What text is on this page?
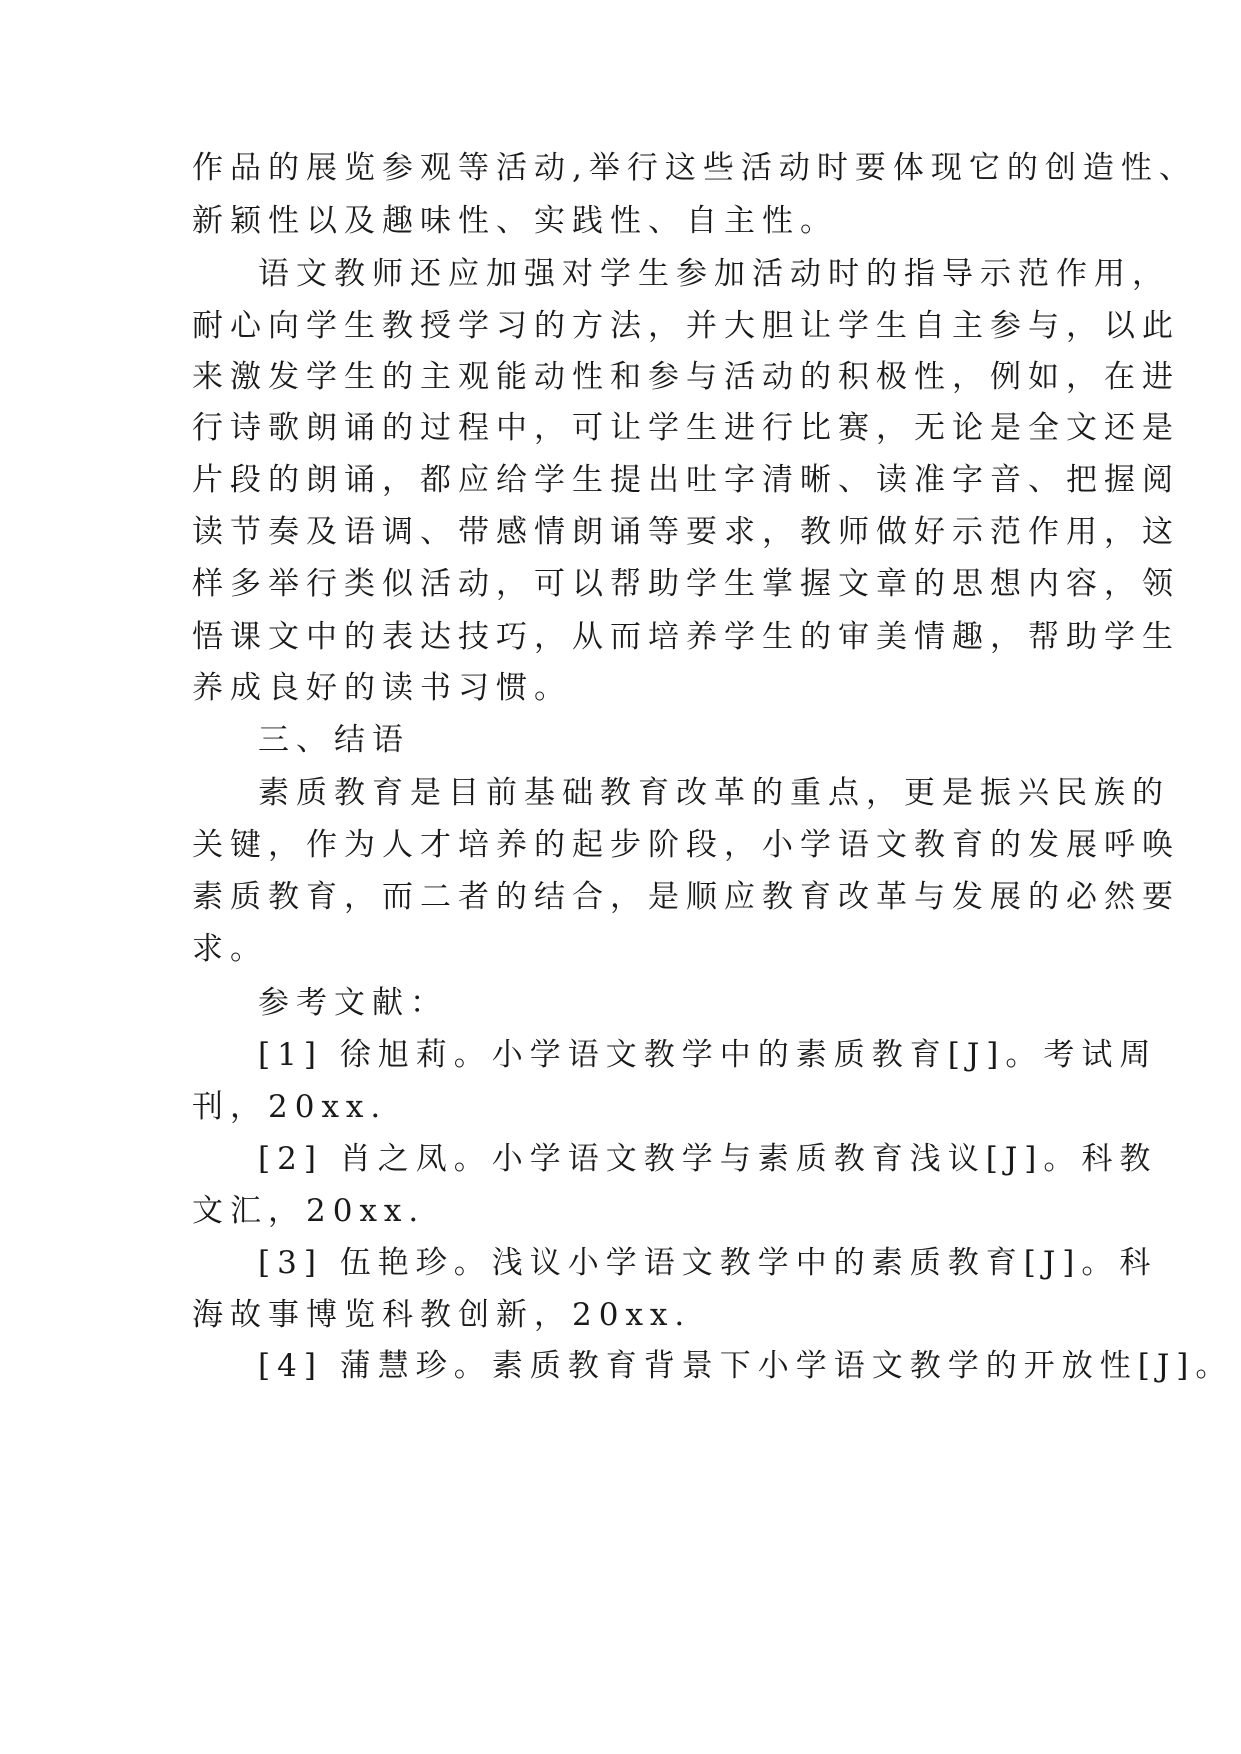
作品的展览参观等活动,举行这些活动时要体现它的创造性、
新颖性以及趣味性、实践性、自主性。
语文教师还应加强对学生参加活动时的指导示范作用，
耐心向学生教授学习的方法，并大胆让学生自主参与，以此
来激发学生的主观能动性和参与活动的积极性，例如，在进
行诗歌朗诵的过程中，可让学生进行比赛，无论是全文还是
片段的朗诵，都应给学生提出吐字清晰、读准字音、把握阅
读节奏及语调、带感情朗诵等要求，教师做好示范作用，这
样多举行类似活动，可以帮助学生掌握文章的思想内容，领
悟课文中的表达技巧，从而培养学生的审美情趣，帮助学生
养成良好的读书习惯。
三、结语
素质教育是目前基础教育改革的重点，更是振兴民族的
关键，作为人才培养的起步阶段，小学语文教育的发展呼唤
素质教育，而二者的结合，是顺应教育改革与发展的必然要
求。
参考文献：
[1] 徐旭莉。小学语文教学中的素质教育[J]。考试周
刊，20xx.
[2] 肖之凤。小学语文教学与素质教育浅议[J]。科教
文汇，20xx.
[3] 伍艳珍。浅议小学语文教学中的素质教育[J]。科
海故事博览科教创新，20xx.
[4] 蒲慧珍。素质教育背景下小学语文教学的开放性[J]。
